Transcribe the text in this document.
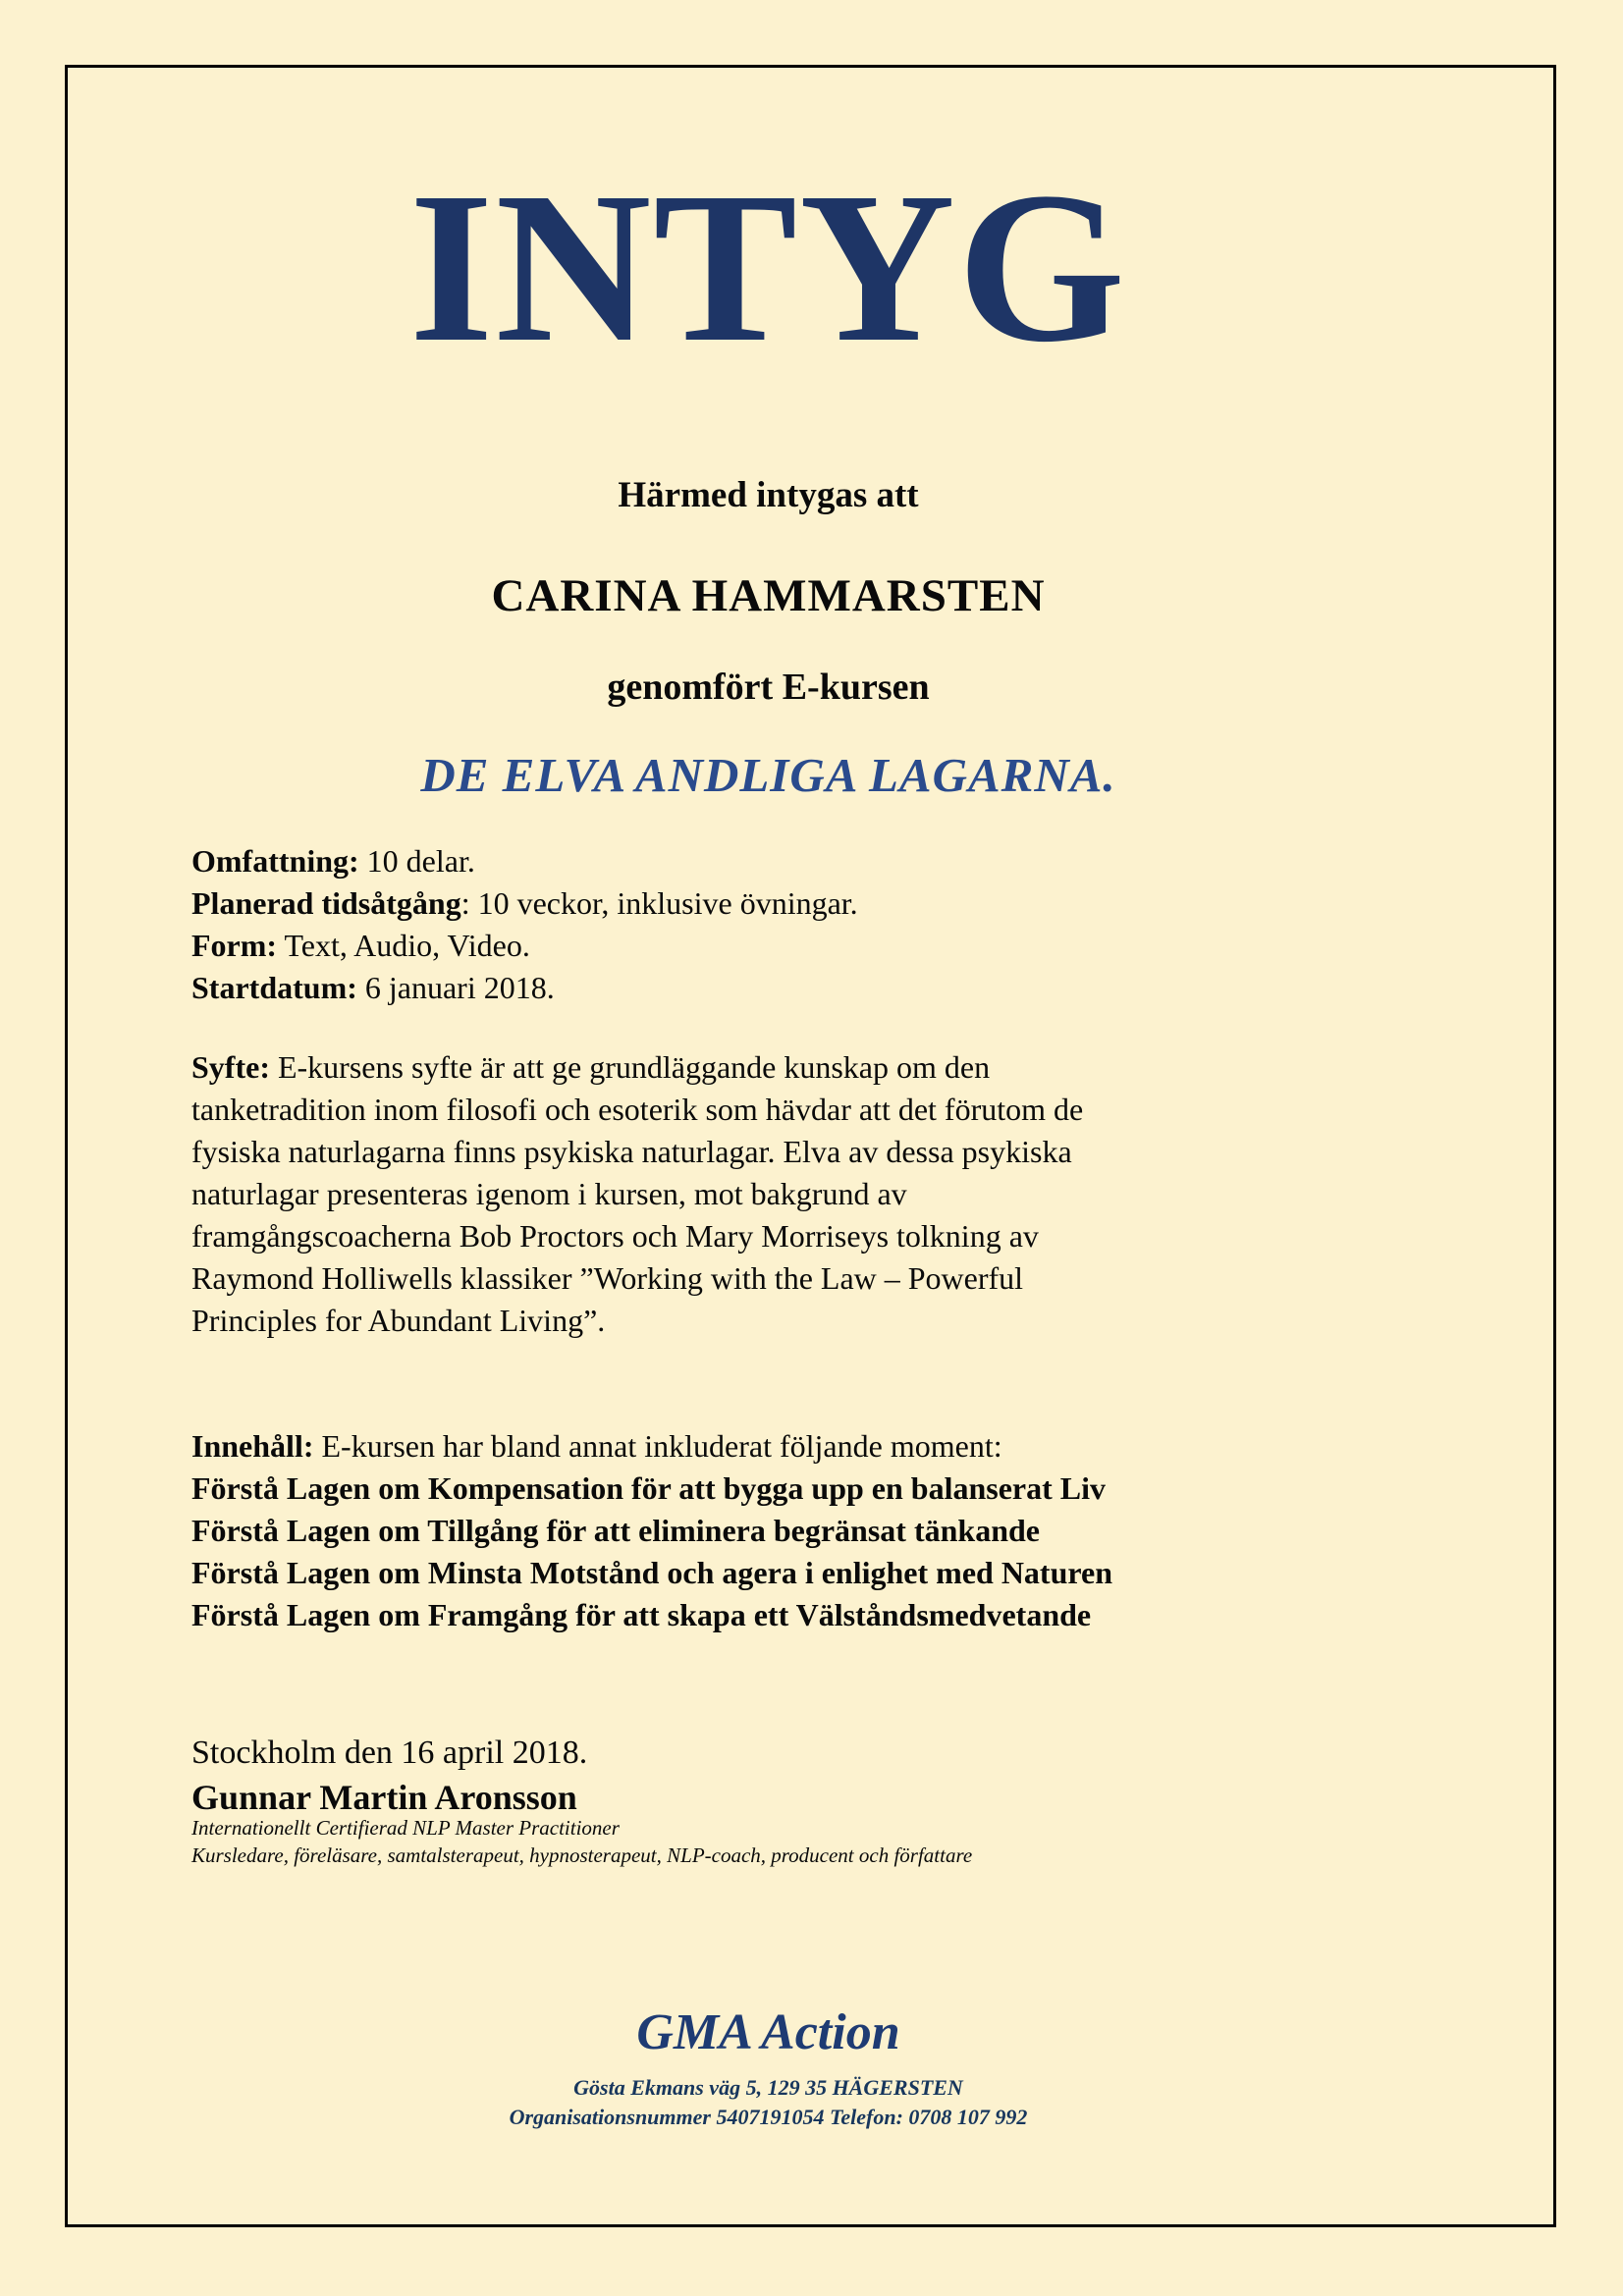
INTYG

Härmed intygas att

CARINA HAMMARSTEN

genomfört E-kursen

DE ELVA ANDLIGA LAGARNA.

Omfattning: 10 delar.

Planerad tidsåtgång: 10 veckor, inklusive övningar.

Form: Text, Audio, Video.

Startdatum: 6 januari 2018.

Syfte: E-kursens syfte är att ge grundläggande kunskap om den

tanketradition inom filosofi och esoterik som hävdar att det förutom de

fysiska naturlagarna finns psykiska naturlagar. Elva av dessa psykiska

naturlagar presenteras igenom i kursen, mot bakgrund av

framgångscoacherna Bob Proctors och Mary Morriseys tolkning av

Raymond Holliwells klassiker ”Working with the Law – Powerful

Principles for Abundant Living”.

Innehåll: E-kursen har bland annat inkluderat följande moment:

Förstå Lagen om Kompensation för att bygga upp en balanserat Liv

Förstå Lagen om Tillgång för att eliminera begränsat tänkande

Förstå Lagen om Minsta Motstånd och agera i enlighet med Naturen

Förstå Lagen om Framgång för att skapa ett Välståndsmedvetande

Stockholm den 16 april 2018.

Gunnar Martin Aronsson

Internationellt Certifierad NLP Master Practitioner

Kursledare, föreläsare, samtalsterapeut, hypnosterapeut, NLP-coach, producent och författare

GMA Action

Gösta Ekmans väg 5, 129 35 HÄGERSTEN

Organisationsnummer 5407191054 Telefon: 0708 107 992
